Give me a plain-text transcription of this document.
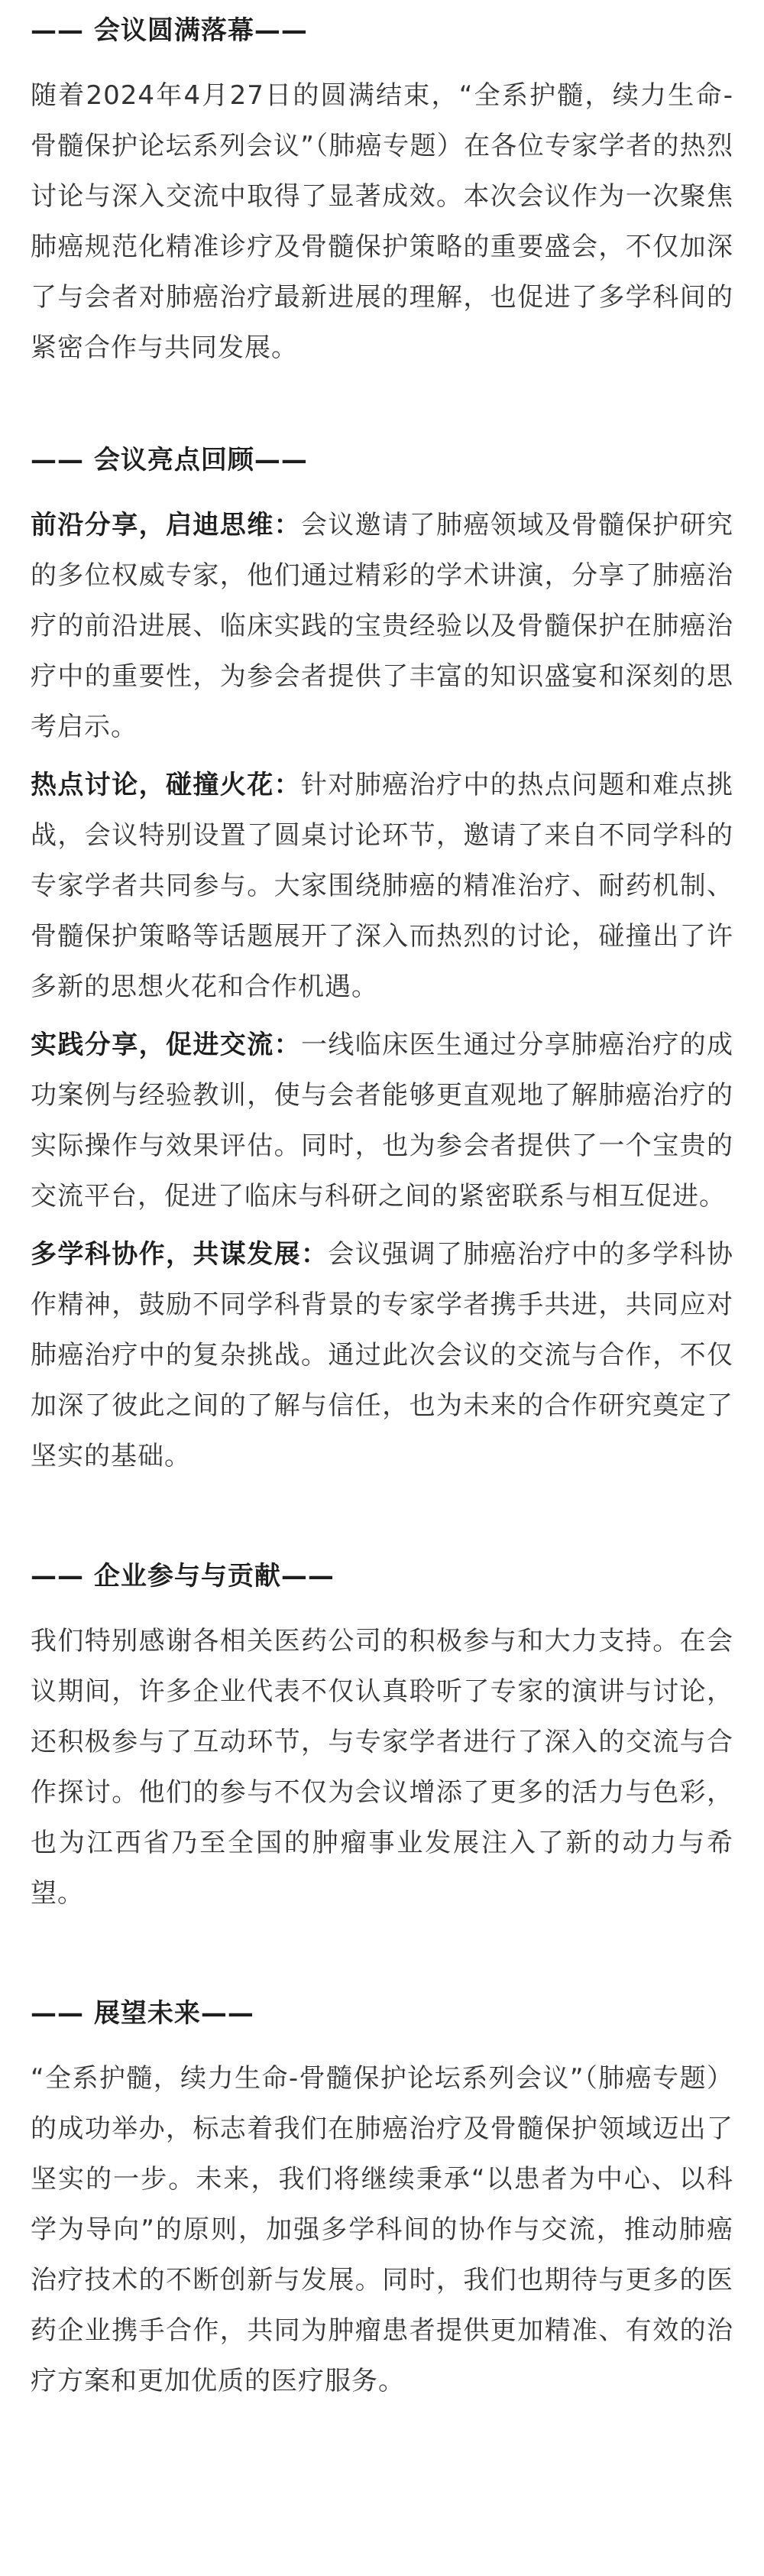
—— 会议圆满落幕——

随着2024年4月27日的圆满结束，“全系护髓，续力生命-骨髓保护论坛系列会议”（肺癌专题）在各位专家学者的热烈讨论与深入交流中取得了显著成效。本次会议作为一次聚焦肺癌规范化精准诊疗及骨髓保护策略的重要盛会，不仅加深了与会者对肺癌治疗最新进展的理解，也促进了多学科间的紧密合作与共同发展。

—— 会议亮点回顾——

前沿分享，启迪思维：会议邀请了肺癌领域及骨髓保护研究的多位权威专家，他们通过精彩的学术讲演，分享了肺癌治疗的前沿进展、临床实践的宝贵经验以及骨髓保护在肺癌治疗中的重要性，为参会者提供了丰富的知识盛宴和深刻的思考启示。

热点讨论，碰撞火花：针对肺癌治疗中的热点问题和难点挑战，会议特别设置了圆桌讨论环节，邀请了来自不同学科的专家学者共同参与。大家围绕肺癌的精准治疗、耐药机制、骨髓保护策略等话题展开了深入而热烈的讨论，碰撞出了许多新的思想火花和合作机遇。

实践分享，促进交流：一线临床医生通过分享肺癌治疗的成功案例与经验教训，使与会者能够更直观地了解肺癌治疗的实际操作与效果评估。同时，也为参会者提供了一个宝贵的交流平台，促进了临床与科研之间的紧密联系与相互促进。

多学科协作，共谋发展：会议强调了肺癌治疗中的多学科协作精神，鼓励不同学科背景的专家学者携手共进，共同应对肺癌治疗中的复杂挑战。通过此次会议的交流与合作，不仅加深了彼此之间的了解与信任，也为未来的合作研究奠定了坚实的基础。

—— 企业参与与贡献——

我们特别感谢各相关医药公司的积极参与和大力支持。在会议期间，许多企业代表不仅认真聆听了专家的演讲与讨论，还积极参与了互动环节，与专家学者进行了深入的交流与合作探讨。他们的参与不仅为会议增添了更多的活力与色彩，也为江西省乃至全国的肿瘤事业发展注入了新的动力与希望。

—— 展望未来——

“全系护髓，续力生命-骨髓保护论坛系列会议”（肺癌专题）的成功举办，标志着我们在肺癌治疗及骨髓保护领域迈出了坚实的一步。未来，我们将继续秉承“以患者为中心、以科学为导向”的原则，加强多学科间的协作与交流，推动肺癌治疗技术的不断创新与发展。同时，我们也期待与更多的医药企业携手合作，共同为肿瘤患者提供更加精准、有效的治疗方案和更加优质的医疗服务。
